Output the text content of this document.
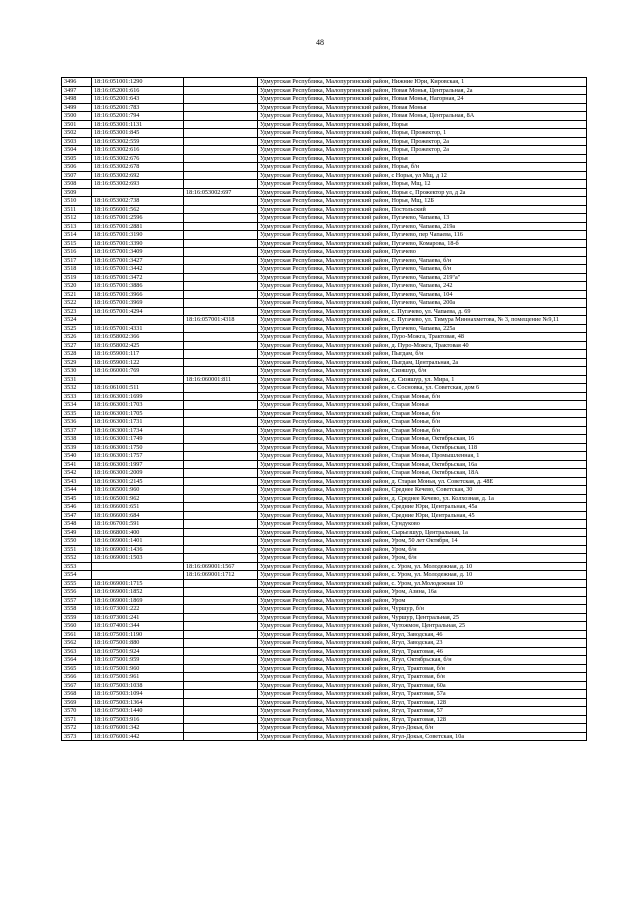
48
3496	18:16:051001:1290		Удмуртская Республика, Малопургинский район, Нижние Юри, Кировская, 1
3497	18:16:052001:616		Удмуртская Республика, Малопургинский район, Новая Монья, Центральная, 2а
3498	18:16:052001:643		Удмуртская Республика, Малопургинский район, Новая Монья, Нагорная, 24
3499	18:16:052001:783		Удмуртская Республика, Малопургинский район, Новая Монья
3500	18:16:052001:794		Удмуртская Республика, Малопургинский район, Новая Монья, Центральная, 8А
3501	18:16:053001:1131		Удмуртская Республика, Малопургинский район, Норья
3502	18:16:053001:845		Удмуртская Республика, Малопургинский район, Норья, Прожектор, 1
3503	18:16:053002:559		Удмуртская Республика, Малопургинский район, Норья, Прожектор, 2а
3504	18:16:053002:616		Удмуртская Республика, Малопургинский район, Норья, Прожектор, 2а
3505	18:16:053002:676		Удмуртская Республика, Малопургинский район, Норья
3506	18:16:053002:678		Удмуртская Республика, Малопургинский район, Норья, б/н
3507	18:16:053002:692		Удмуртская Республика, Малопургинский район, с Норья, ул Мщ, д 12
3508	18:16:053002:693		Удмуртская Республика, Малопургинский район, Норья, Мщ, 12
3509		18:16:053002:697	Удмуртская Республика, Малопургинский район, Норья с, Прожектор ул, д 2а
3510	18:16:053002:738		Удмуртская Республика, Малопургинский район, Норья, Мщ, 12Б
3511	18:16:056001:562		Удмуртская Республика, Малопургинский район, Постольский
3512	18:16:057001:2596		Удмуртская Республика, Малопургинский район, Пугачево, Чапаева, 13
3513	18:16:057001:2881		Удмуртская Республика, Малопургинский район, Пугачево, Чапаева, 219а
3514	18:16:057001:3190		Удмуртская Республика, Малопургинский район, Пугачево, пер Чапаева, 116
3515	18:16:057001:3390		Удмуртская Республика, Малопургинский район, Пугачево, Комарова, 18-б
3516	18:16:057001:3409		Удмуртская Республика, Малопургинский район, Пугачево
3517	18:16:057001:3427		Удмуртская Республика, Малопургинский район, Пугачево, Чапаева, б/н
3518	18:16:057001:3442		Удмуртская Республика, Малопургинский район, Пугачево, Чапаева, б/н
3519	18:16:057001:3472		Удмуртская Республика, Малопургинский район, Пугачево, Чапаева, 219"а"
3520	18:16:057001:3886		Удмуртская Республика, Малопургинский район, Пугачево, Чапаева, 242
3521	18:16:057001:3966		Удмуртская Республика, Малопургинский район, Пугачево, Чапаева, 104
3522	18:16:057001:3969		Удмуртская Республика, Малопургинский район, Пугачево, Чапаева, 200а
3523	18:16:057001:4294		Удмуртская Республика, Малопургинский район, с. Пугачево, ул. Чапаева, д. 69
3524		18:16:057001:4318	Удмуртская Республика, Малопургинский район, с. Пугачево, ул. Тимура Миннахметова, № 3, помещение №9,11
3525	18:16:057001:4331		Удмуртская Республика, Малопургинский район, Пугачево, Чапаева, 225а
3526	18:16:058002:366		Удмуртская Республика, Малопургинский район, Пуро-Можга, Трактовая, 48
3527	18:16:058002:425		Удмуртская Республика, Малопургинский район, д. Пуро-Можга, Трактовая 40
3528	18:16:059001:117		Удмуртская Республика, Малопургинский район, Пыгдам, б/н
3529	18:16:059001:122		Удмуртская Республика, Малопургинский район, Пыгдам, Центральная, 2а
3530	18:16:060001:769		Удмуртская Республика, Малопургинский район, Сизяшур, б/н
3531		18:16:060001:811	Удмуртская Республика, Малопургинский район, д. Сизяшур, ул. Мира, 1
3532	18:16:061001:511		Удмуртская Республика, Малопургинский район, с. Сосновка, ул. Советская, дом 6
3533	18:16:063001:1699		Удмуртская Республика, Малопургинский район, Старая Монья, б/н
3534	18:16:063001:1703		Удмуртская Республика, Малопургинский район, Старая Монья
3535	18:16:063001:1705		Удмуртская Республика, Малопургинский район, Старая Монья, б/н
3536	18:16:063001:1731		Удмуртская Республика, Малопургинский район, Старая Монья, б/н
3537	18:16:063001:1734		Удмуртская Республика, Малопургинский район, Старая Монья, б/н
3538	18:16:063001:1749		Удмуртская Республика, Малопургинский район, Старая Монья, Октябрьская, 16
3539	18:16:063001:1750		Удмуртская Республика, Малопургинский район, Старая Монья, Октябрьская, 118
3540	18:16:063001:1757		Удмуртская Республика, Малопургинский район, Старая Монья, Промышленная, 1
3541	18:16:063001:1997		Удмуртская Республика, Малопургинский район, Старая Монья, Октябрьская, 16а
3542	18:16:063001:2009		Удмуртская Республика, Малопургинский район, Старая Монья, Октябрьская, 18А
3543	18:16:063001:2145		Удмуртская Республика, Малопургинский район, д. Старая Монья, ул. Советская, д. 48Е
3544	18:16:065001:960		Удмуртская Республика, Малопургинский район, Среднее Кечево, Советская, 30
3545	18:16:065001:962		Удмуртская Республика, Малопургинский район, д. Среднее Кечево, ул. Колхозная, д. 1а
3546	18:16:066001:651		Удмуртская Республика, Малопургинский район, Средние Юри, Центральная, 45а
3547	18:16:066001:684		Удмуртская Республика, Малопургинский район, Средние Юри, Центральная, 45
3548	18:16:067001:591		Удмуртская Республика, Малопургинский район, Сундуково
3549	18:16:068001:400		Удмуртская Республика, Малопургинский район, Сырьезшур, Центральная, 1а
3550	18:16:069001:1401		Удмуртская Республика, Малопургинский район, Уром, 50 лет Октября, 14
3551	18:16:069001:1436		Удмуртская Республика, Малопургинский район, Уром, б/н
3552	18:16:069001:1503		Удмуртская Республика, Малопургинский район, Уром, б/н
3553		18:16:069001:1567	Удмуртская Республика, Малопургинский район, с. Уром, ул. Молодежная, д. 10
3554		18:16:069001:1712	Удмуртская Республика, Малопургинский район, с. Уром, ул. Молодежная, д. 10
3555	18:16:069001:1715		Удмуртская Республика, Малопургинский район, с. Уром, ул.Молодежная 10
3556	18:16:069001:1852		Удмуртская Республика, Малопургинский район, Уром, Азина, 16а
3557	18:16:069001:1869		Удмуртская Республика, Малопургинский район, Уром
3558	18:16:073001:222		Удмуртская Республика, Малопургинский район, Чуршур, б/н
3559	18:16:073001:241		Удмуртская Республика, Малопургинский район, Чуршур, Центральная, 25
3560	18:16:074001:344		Удмуртская Республика, Малопургинский район, Чутожмон, Центральная, 25
3561	18:16:075001:1190		Удмуртская Республика, Малопургинский район, Ягул, Заводская, 46
3562	18:16:075001:880		Удмуртская Республика, Малопургинский район, Ягул, Заводская, 23
3563	18:16:075001:924		Удмуртская Республика, Малопургинский район, Ягул, Трактовая, 46
3564	18:16:075001:959		Удмуртская Республика, Малопургинский район, Ягул, Октябрьская, б/н
3565	18:16:075001:960		Удмуртская Республика, Малопургинский район, Ягул, Трактовая, б/н
3566	18:16:075001:961		Удмуртская Республика, Малопургинский район, Ягул, Трактовая, б/н
3567	18:16:075003:1038		Удмуртская Республика, Малопургинский район, Ягул, Трактовая, 60а
3568	18:16:075003:1094		Удмуртская Республика, Малопургинский район, Ягул, Трактовая, 57а
3569	18:16:075003:1364		Удмуртская Республика, Малопургинский район, Ягул, Трактовая, 128
3570	18:16:075003:1440		Удмуртская Республика, Малопургинский район, Ягул, Трактовая, 57
3571	18:16:075003:916		Удмуртская Республика, Малопургинский район, Ягул, Трактовая, 128
3572	18:16:076001:342		Удмуртская Республика, Малопургинский район, Ягул-Докья, б/н
3573	18:16:076001:442		Удмуртская Республика, Малопургинский район, Ягул-Докья, Советская, 10а
